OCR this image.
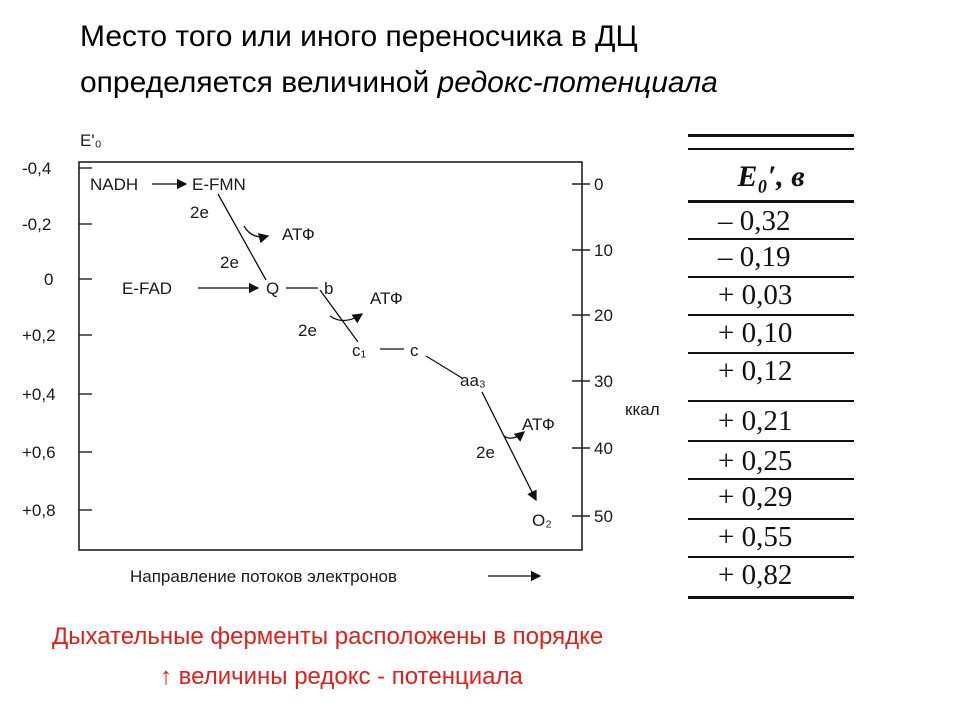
Место того или иного переносчика в ДЦ
определяется величиной редокс-потенциала
E'₀
-0,4
-0,2
0
+0,2
+0,4
+0,6
+0,8
0
10
20
30
40
50
ккал
NADH	E-FMN
E-FAD	Q
2e
2e
АТФ
b
2e
АТФ
c₁	c
aa₃
2e
АТФ
O₂
Направление потоков электронов
E₀′, в
– 0,32
– 0,19
+ 0,03
+ 0,10
+ 0,12
+ 0,21
+ 0,25
+ 0,29
+ 0,55
+ 0,82
Дыхательные ферменты расположены в порядке
↑ величины редокс - потенциала
